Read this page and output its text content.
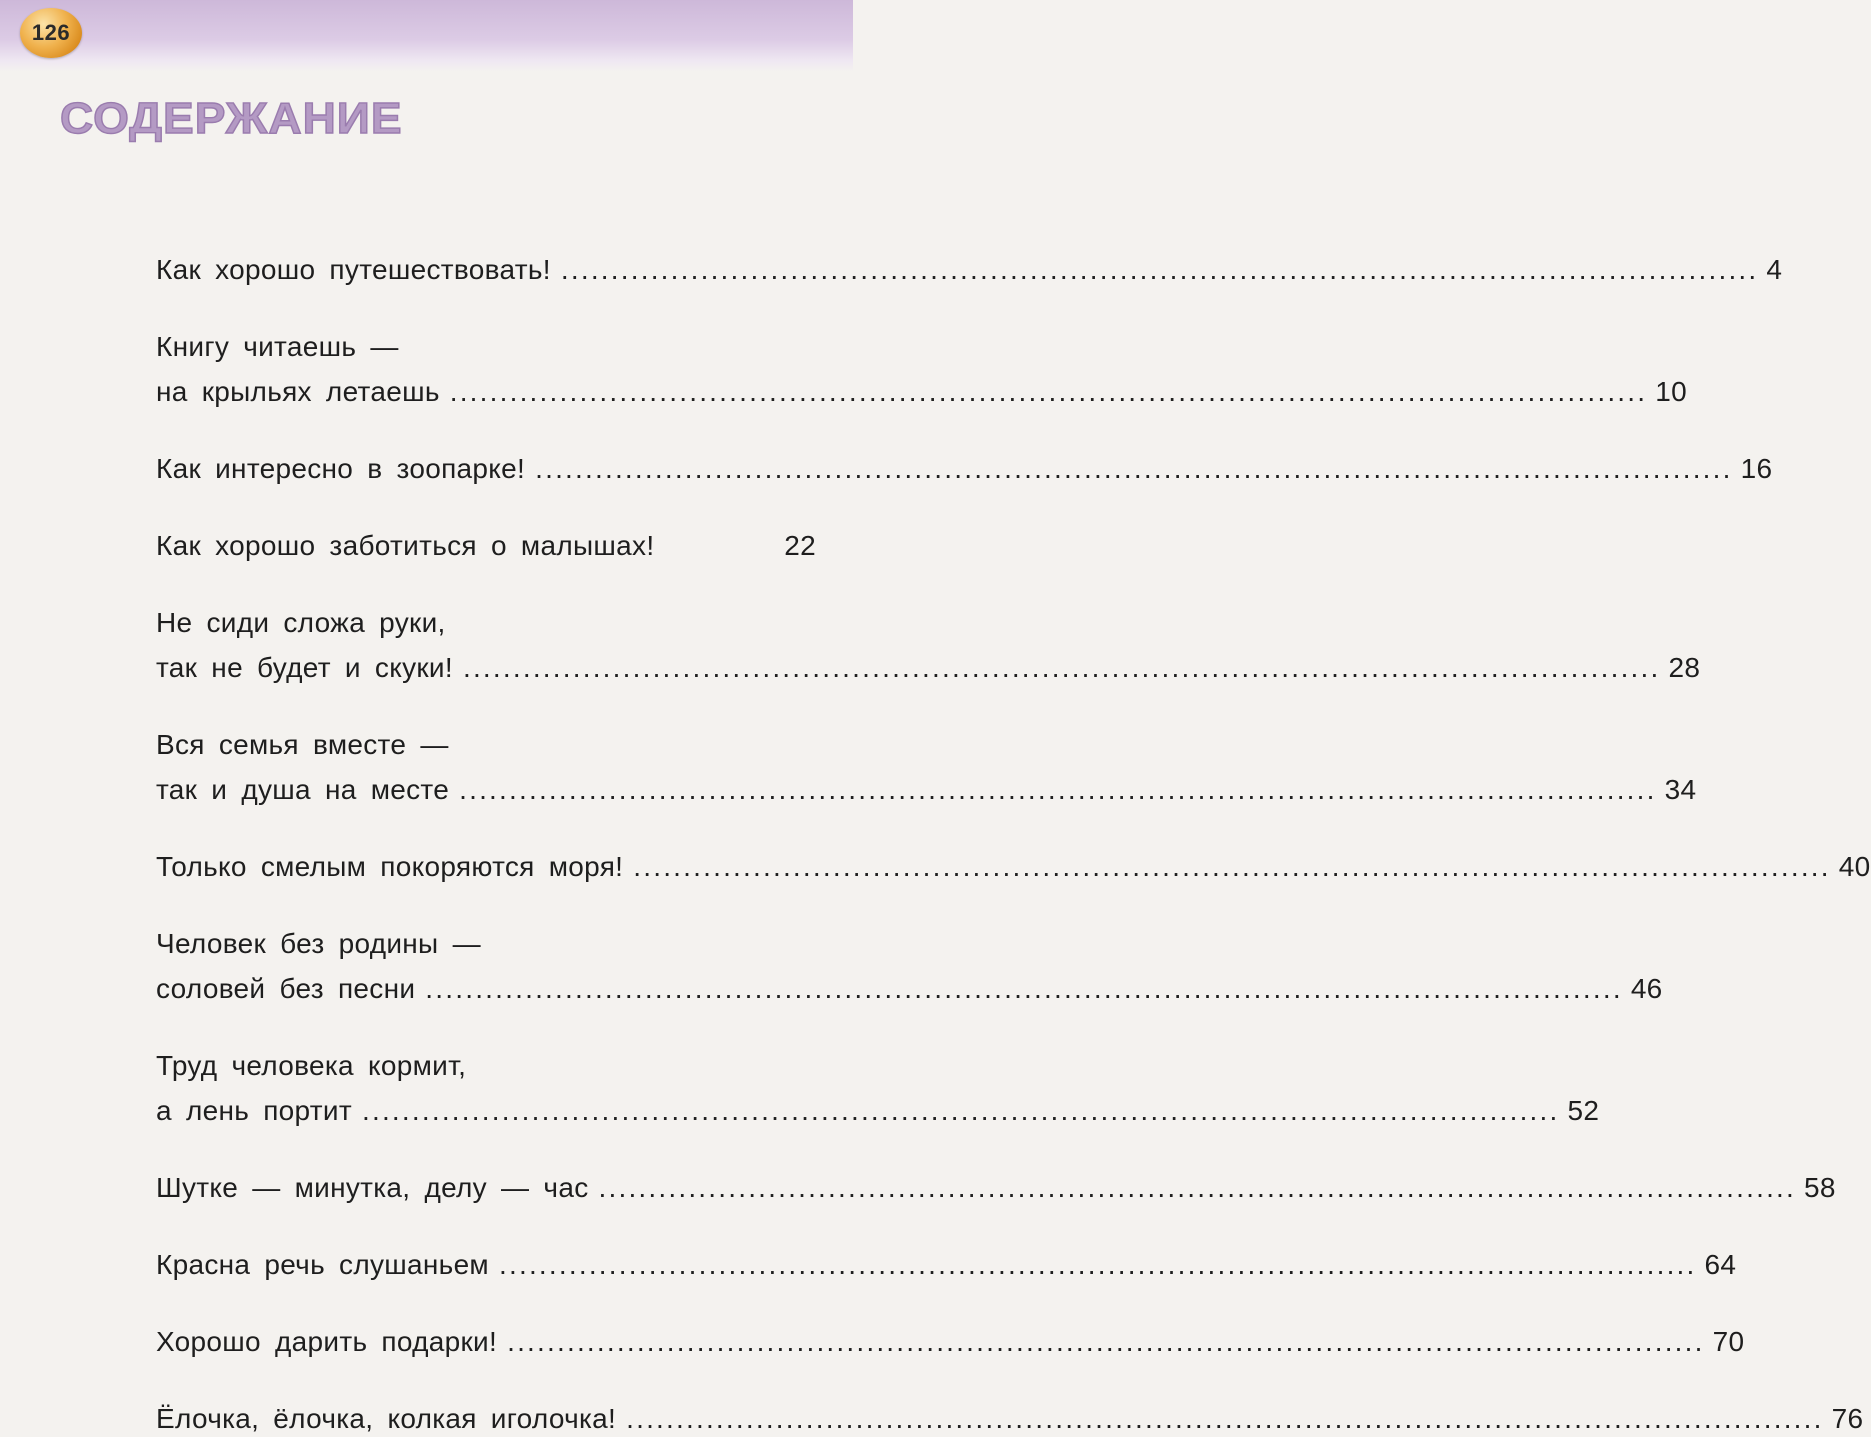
126
СОДЕРЖАНИЕ
Как хорошо путешествовать! ........................................................................................................................ 4
Книгу читаешь —
на крыльях летаешь ........................................................................................................................ 10
Как интересно в зоопарке! ........................................................................................................................ 16
Как хорошо заботиться о малышах!	22
Не сиди сложа руки,
так не будет и скуки! ........................................................................................................................ 28
Вся семья вместе —
так и душа на месте ........................................................................................................................ 34
Только смелым покоряются моря! ........................................................................................................................ 40
Человек без родины —
соловей без песни ........................................................................................................................ 46
Труд человека кормит,
а лень портит ........................................................................................................................ 52
Шутке — минутка, делу — час ........................................................................................................................ 58
Красна речь слушаньем ........................................................................................................................ 64
Хорошо дарить подарки! ........................................................................................................................ 70
Ёлочка, ёлочка, колкая иголочка! ........................................................................................................................ 76
